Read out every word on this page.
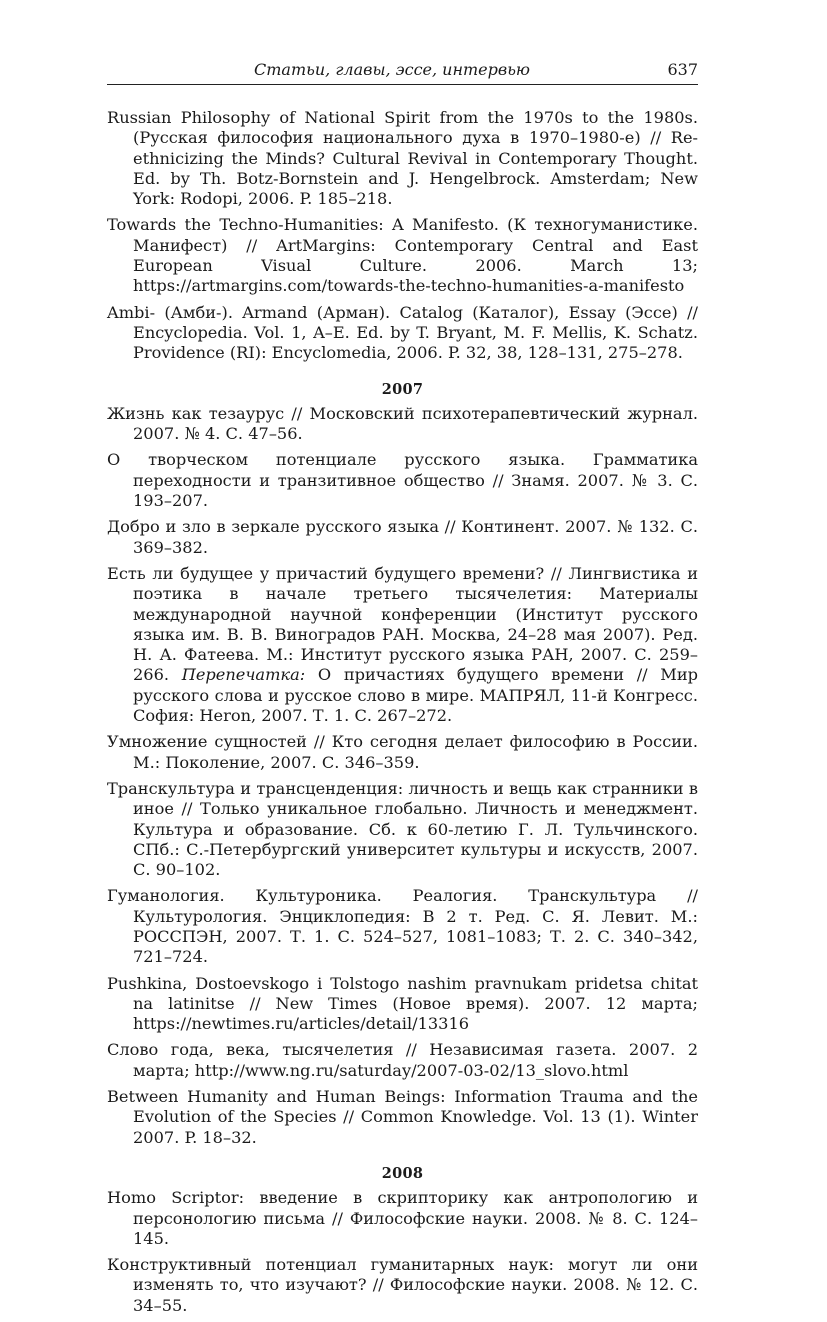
Статьи, главы, эссе, интервью	637

Russian Philosophy of National Spirit from the 1970s to the 1980s. (Русская философия национального духа в 1970–1980-е) // Re-ethnicizing the Minds? Cultural Revival in Contemporary Thought. Ed. by Th. Botz-Bornstein and J. Hengelbrock. Amsterdam; New York: Rodopi, 2006. P. 185–218.

Towards the Techno-Humanities: A Manifesto. (К техногуманистике. Манифест) // ArtMargins: Contemporary Central and East European Visual Culture. 2006. March 13; https://artmargins.com/towards-the-techno-humanities-a-manifesto

Ambi- (Амби-). Armand (Арман). Catalog (Каталог), Essay (Эссе) // Encyclopedia. Vol. 1, A–E. Ed. by T. Bryant, M. F. Mellis, K. Schatz. Providence (RI): Encyclomedia, 2006. P. 32, 38, 128–131, 275–278.

2007

Жизнь как тезаурус // Московский психотерапевтический журнал. 2007. № 4. С. 47–56.

О творческом потенциале русского языка. Грамматика переходности и транзитивное общество // Знамя. 2007. № 3. С. 193–207.

Добро и зло в зеркале русского языка // Континент. 2007. № 132. С. 369–382.

Есть ли будущее у причастий будущего времени? // Лингвистика и поэтика в начале третьего тысячелетия: Материалы международной научной конференции (Институт русского языка им. В. В. Виноградов РАН. Москва, 24–28 мая 2007). Ред. Н. А. Фатеева. М.: Институт русского языка РАН, 2007. С. 259–266. Перепечатка: О причастиях будущего времени // Мир русского слова и русское слово в мире. МАПРЯЛ, 11-й Конгресс. София: Heron, 2007. Т. 1. С. 267–272.

Умножение сущностей // Кто сегодня делает философию в России. М.: Поколение, 2007. С. 346–359.

Транскультура и трансценденция: личность и вещь как странники в иное // Только уникальное глобально. Личность и менеджмент. Культура и образование. Сб. к 60-летию Г. Л. Тульчинского. СПб.: С.-Петербургский университет культуры и искусств, 2007. С. 90–102.

Гуманология. Культуроника. Реалогия. Транскультура // Культурология. Энциклопедия: В 2 т. Ред. С. Я. Левит. М.: РОССПЭН, 2007. Т. 1. С. 524–527, 1081–1083; Т. 2. С. 340–342, 721–724.

Pushkina, Dostoevskogo i Tolstogo nashim pravnukam pridetsa chitat na latinitse // New Times (Новое время). 2007. 12 марта; https://newtimes.ru/articles/detail/13316

Слово года, века, тысячелетия // Независимая газета. 2007. 2 марта; http://www.ng.ru/saturday/2007-03-02/13_slovo.html

Between Humanity and Human Beings: Information Trauma and the Evolution of the Species // Common Knowledge. Vol. 13 (1). Winter 2007. P. 18–32.

2008

Homo Scriptor: введение в скрипторику как антропологию и персонологию письма // Философские науки. 2008. № 8. С. 124–145.

Конструктивный потенциал гуманитарных наук: могут ли они изменять то, что изучают? // Философские науки. 2008. № 12. С. 34–55.
